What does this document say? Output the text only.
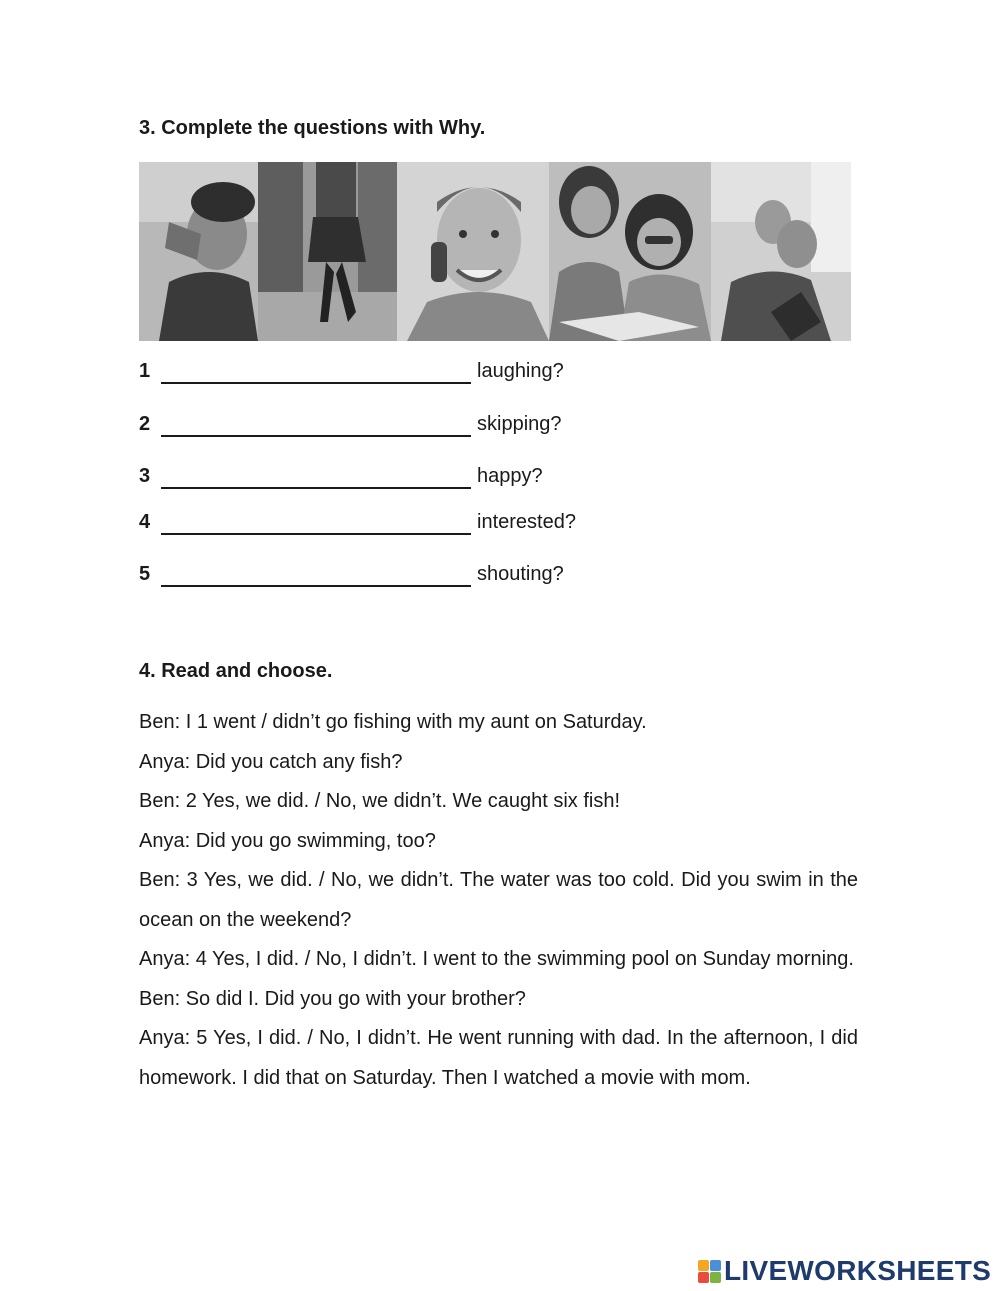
3. Complete the questions with Why.
1	laughing?
2	skipping?
3	happy?
4	interested?
5	shouting?
4. Read and choose.

Ben: I 1 went / didn’t go fishing with my aunt on Saturday.

Anya: Did you catch any fish?

Ben: 2 Yes, we did. / No, we didn’t. We caught six fish!

Anya: Did you go swimming, too?

Ben: 3 Yes, we did. / No, we didn’t. The water was too cold. Did you swim in the ocean on the weekend?

Anya: 4 Yes, I did. / No, I didn’t. I went to the swimming pool on Sunday morning.

Ben: So did I. Did you go with your brother?

Anya: 5 Yes, I did. / No, I didn’t. He went running with dad. In the afternoon, I did homework. I did that on Saturday. Then I watched a movie with mom.

LIVEWORKSHEETS
